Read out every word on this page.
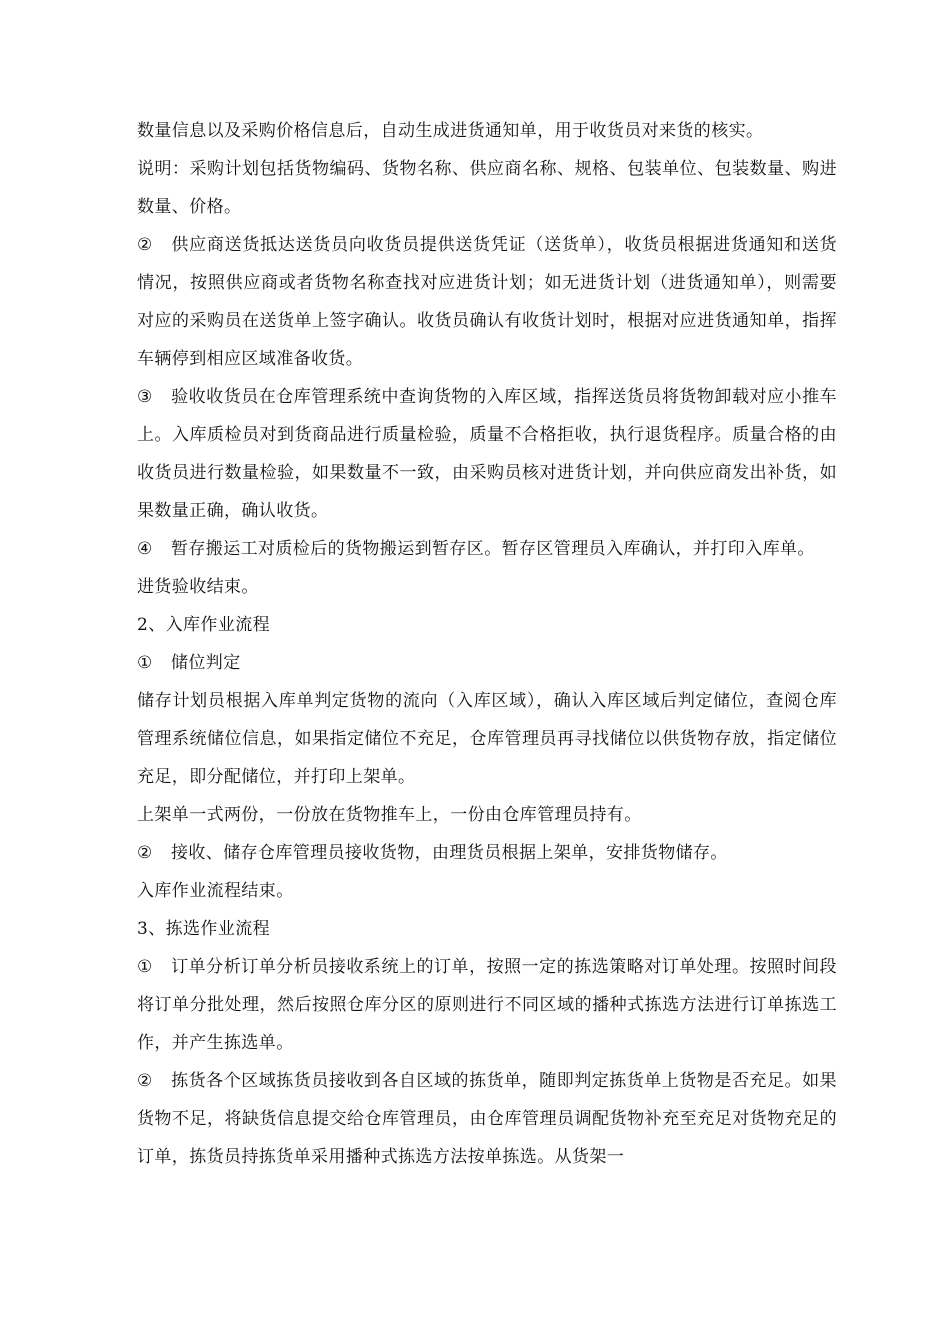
数量信息以及采购价格信息后，自动生成进货通知单，用于收货员对来货的核实。

说明：采购计划包括货物编码、货物名称、供应商名称、规格、包装单位、包装数量、购进数量、价格。

② 供应商送货抵达送货员向收货员提供送货凭证（送货单），收货员根据进货通知和送货情况，按照供应商或者货物名称查找对应进货计划；如无进货计划（进货通知单），则需要对应的采购员在送货单上签字确认。收货员确认有收货计划时，根据对应进货通知单，指挥车辆停到相应区域准备收货。

③ 验收收货员在仓库管理系统中查询货物的入库区域，指挥送货员将货物卸载对应小推车上。入库质检员对到货商品进行质量检验，质量不合格拒收，执行退货程序。质量合格的由收货员进行数量检验，如果数量不一致，由采购员核对进货计划，并向供应商发出补货，如果数量正确，确认收货。

④ 暂存搬运工对质检后的货物搬运到暂存区。暂存区管理员入库确认，并打印入库单。

进货验收结束。

2、入库作业流程

① 储位判定

储存计划员根据入库单判定货物的流向（入库区域），确认入库区域后判定储位，查阅仓库管理系统储位信息，如果指定储位不充足，仓库管理员再寻找储位以供货物存放，指定储位充足，即分配储位，并打印上架单。

上架单一式两份，一份放在货物推车上，一份由仓库管理员持有。

② 接收、储存仓库管理员接收货物，由理货员根据上架单，安排货物储存。

入库作业流程结束。

3、拣选作业流程

① 订单分析订单分析员接收系统上的订单，按照一定的拣选策略对订单处理。按照时间段将订单分批处理，然后按照仓库分区的原则进行不同区域的播种式拣选方法进行订单拣选工作，并产生拣选单。

② 拣货各个区域拣货员接收到各自区域的拣货单，随即判定拣货单上货物是否充足。如果货物不足，将缺货信息提交给仓库管理员，由仓库管理员调配货物补充至充足对货物充足的订单，拣货员持拣货单采用播种式拣选方法按单拣选。从货架一
